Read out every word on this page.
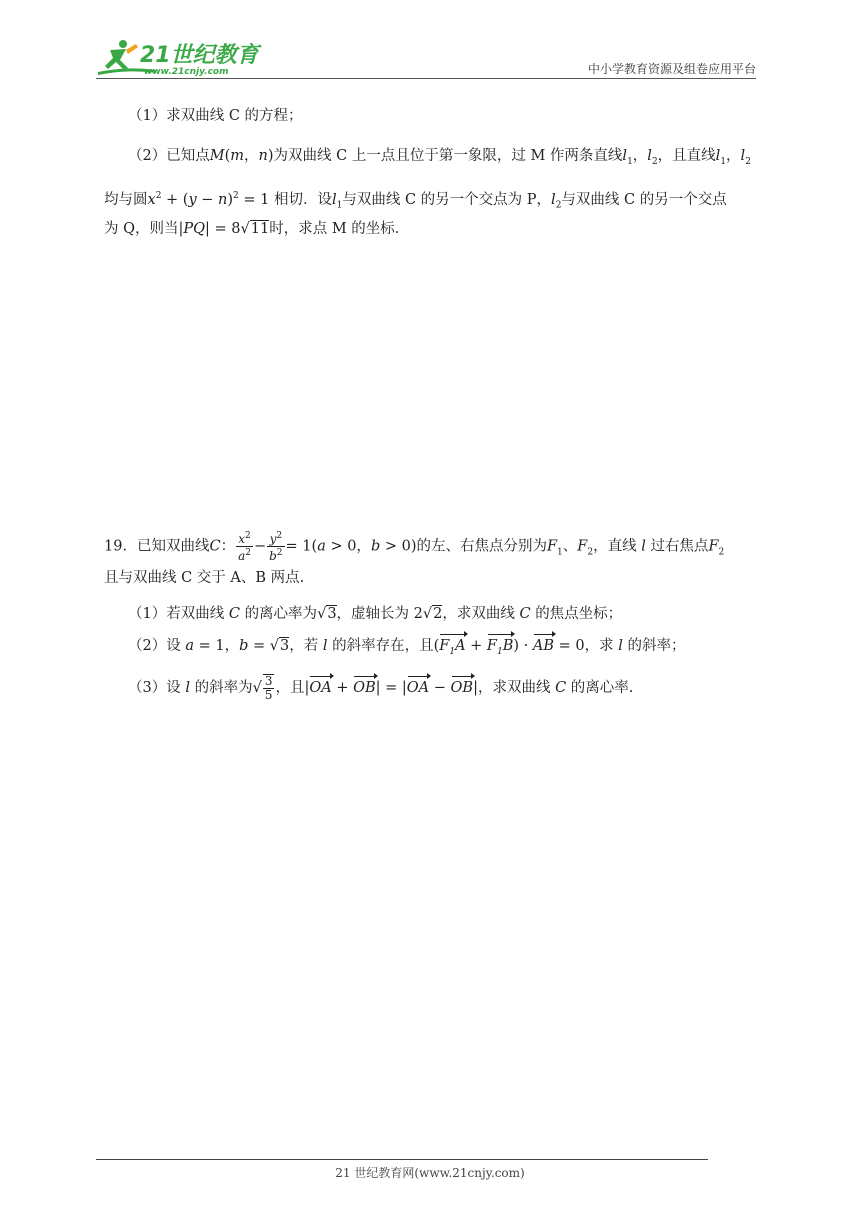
21世纪教育
www.21cnjy.com	中小学教育资源及组卷应用平台
（1）求双曲线 C 的方程；
（2）已知点M(m，n)为双曲线 C 上一点且位于第一象限，过 M 作两条直线$l_1$，$l_2$，且直线$l_1$，$l_2$
均与圆$x^2 + (y - n)^2 = 1$ 相切．设$l_1$与双曲线 C 的另一个交点为 P，$l_2$与双曲线 C 的另一个交点
为 Q，则当|PQ| = 8√11时，求点 M 的坐标．
19．已知双曲线C： $\frac{x^2}{a^2} - \frac{y^2}{b^2} = 1(a > 0$，b > 0)的左、右焦点分别为$F_1$、$F_2$，直线 l 过右焦点$F_2$
且与双曲线 C 交于 A、B 两点.
（1）若双曲线 C 的离心率为√3，虚轴长为 2√2，求双曲线 C 的焦点坐标；
（2）设 a = 1，b = √3，若 l 的斜率存在，且$(F_1A + F_1B)$ · AB = 0，求 l 的斜率；
（3）设 l 的斜率为√ $\frac{3}{5}$ ，且|OA + OB| = |OA − OB|，求双曲线 C 的离心率.
21 世纪教育网(www.21cnjy.com)
